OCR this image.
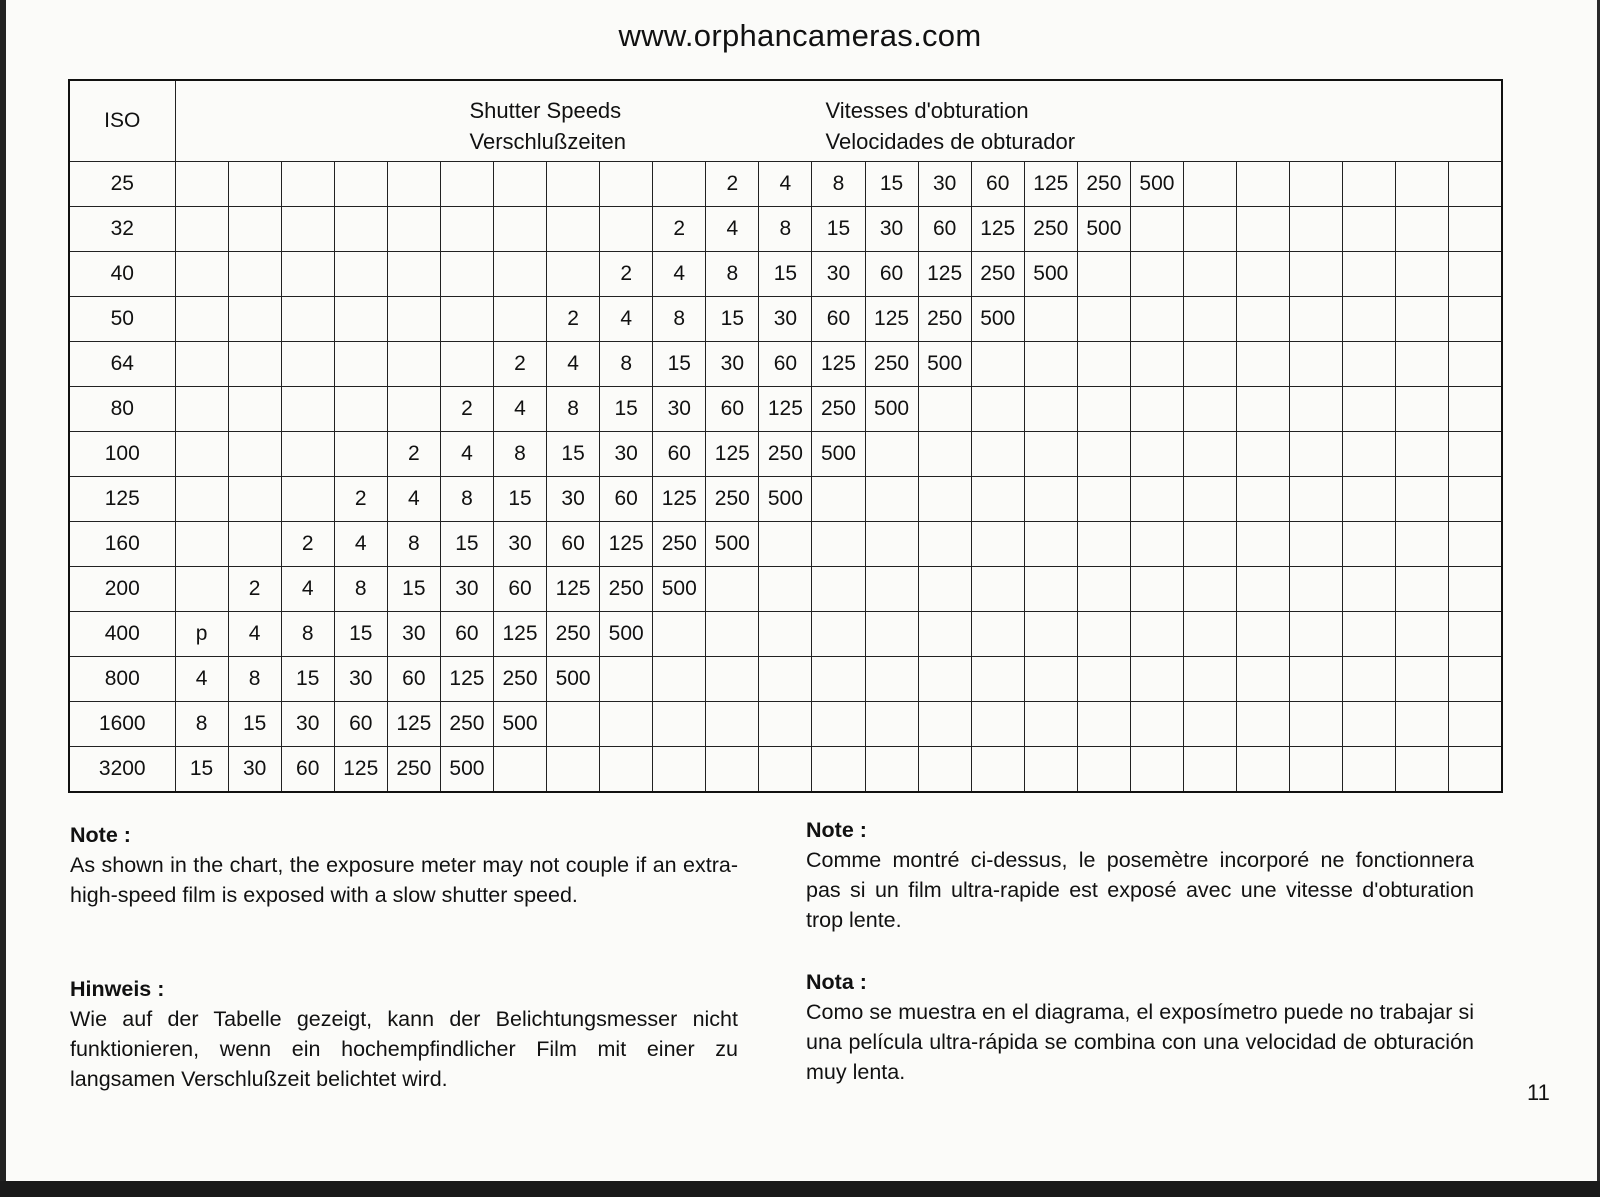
www.orphancameras.com
ISO	Shutter Speeds
Verschlußzeiten
Vitesses d'obturation
Velocidades de obturador																								

25											2	4	8	15	30	60	125	250	500						
32										2	4	8	15	30	60	125	250	500							
40									2	4	8	15	30	60	125	250	500								
50								2	4	8	15	30	60	125	250	500									
64							2	4	8	15	30	60	125	250	500										
80						2	4	8	15	30	60	125	250	500											
100					2	4	8	15	30	60	125	250	500												
125				2	4	8	15	30	60	125	250	500													
160			2	4	8	15	30	60	125	250	500														
200		2	4	8	15	30	60	125	250	500															
400	p	4	8	15	30	60	125	250	500																
800	4	8	15	30	60	125	250	500																	
1600	8	15	30	60	125	250	500																		
3200	15	30	60	125	250	500																			
Note :
As shown in the chart, the exposure meter may not couple if an extra-high-speed film is exposed with a slow shutter speed.
Hinweis :
Wie auf der Tabelle gezeigt, kann der Belichtungsmesser nicht funktionieren, wenn ein hochempfindlicher Film mit einer zu langsamen Verschlußzeit belichtet wird.
Note :
Comme montré ci-dessus, le posemètre incorporé ne fonctionnera pas si un film ultra-rapide est exposé avec une vitesse d'obturation trop lente.
Nota :
Como se muestra en el diagrama, el exposímetro puede no trabajar si una película ultra-rápida se combina con una velocidad de obturación muy lenta.
11
